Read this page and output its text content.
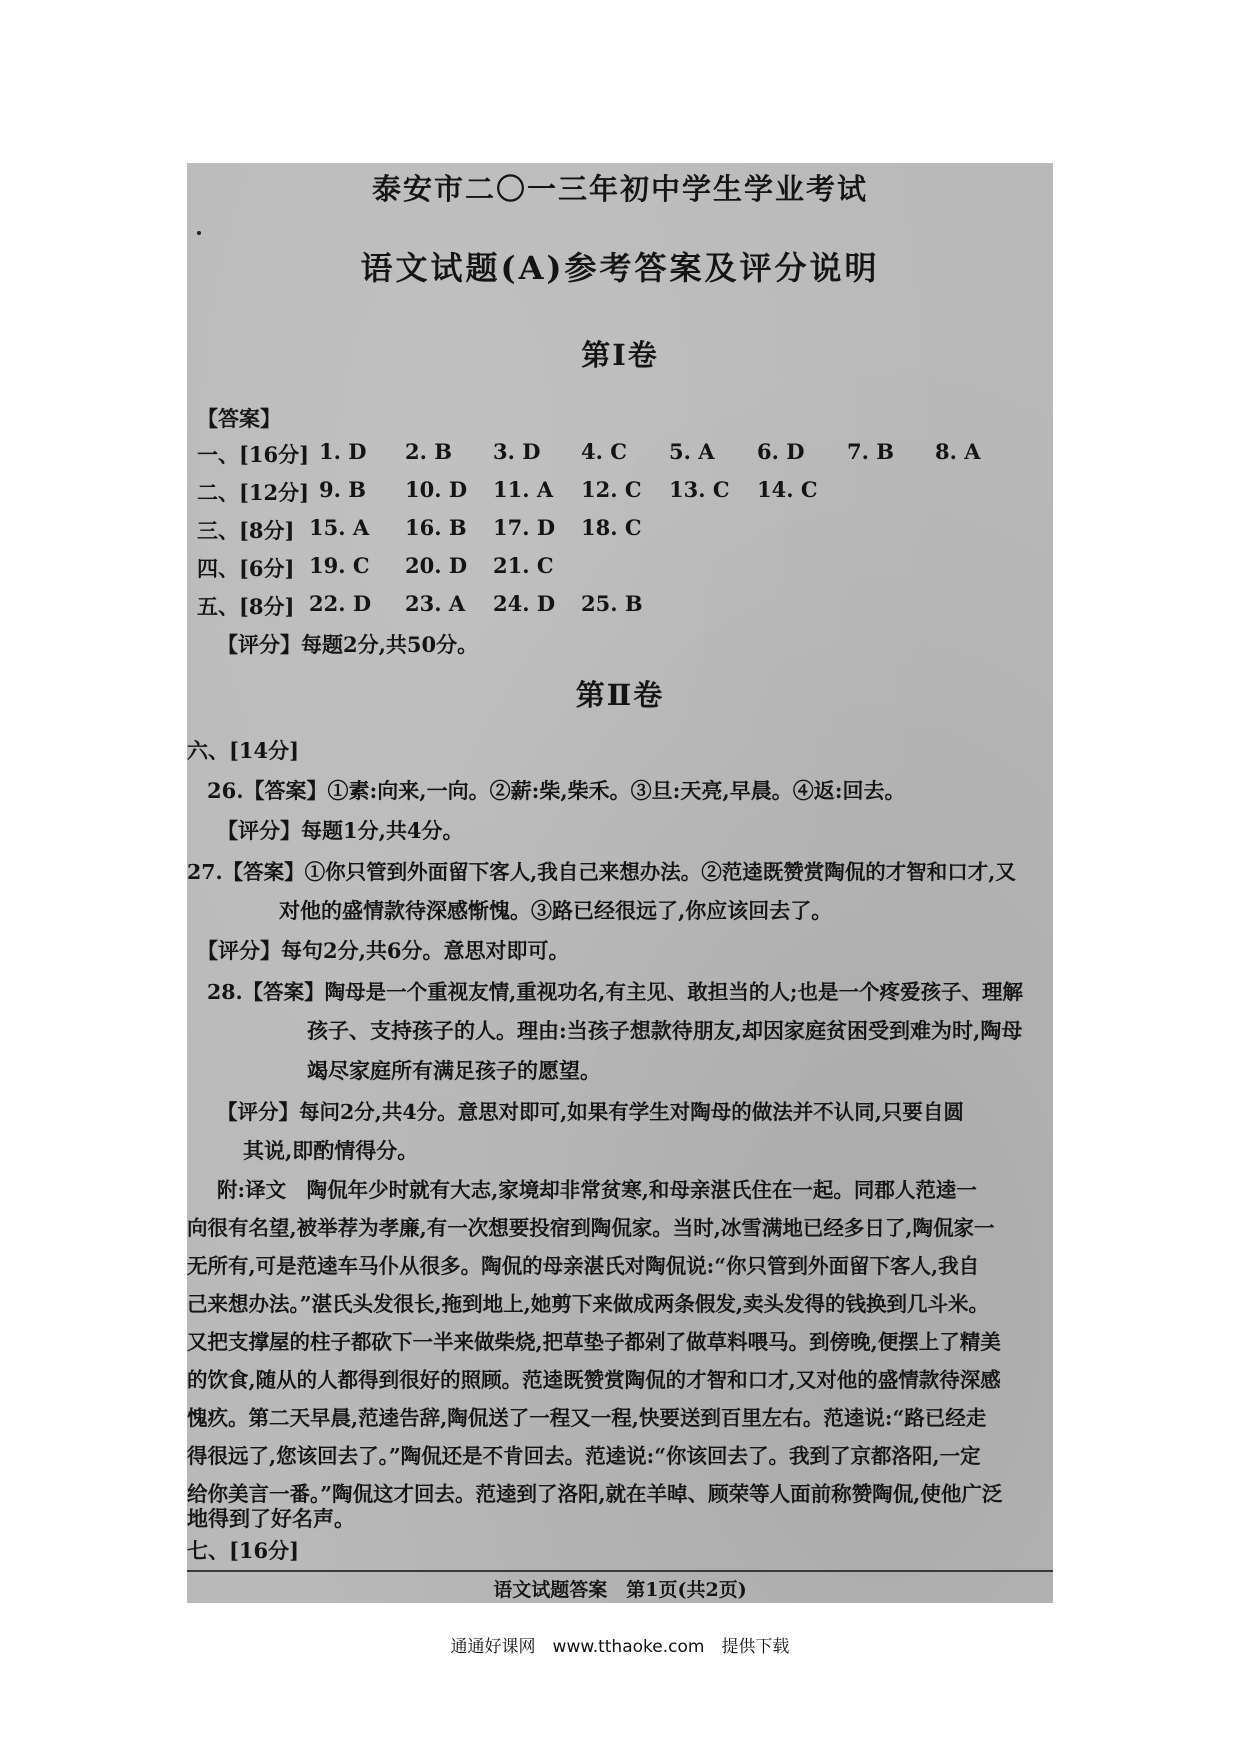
泰安市二〇一三年初中学生学业考试
语文试题(A)参考答案及评分说明
第Ⅰ卷
【答案】
一、[16分] 1. D 2. B 3. D 4. C 5. A 6. D 7. B 8. A
二、[12分] 9. B 10. D 11. A 12. C 13. C 14. C
三、[8分] 15. A 16. B 17. D 18. C
四、[6分] 19. C 20. D 21. C
五、[8分] 22. D 23. A 24. D 25. B
【评分】每题2分,共50分。
第Ⅱ卷
六、[14分]
26.【答案】①素:向来,一向。②薪:柴,柴禾。③旦:天亮,早晨。④返:回去。
【评分】每题1分,共4分。
27.【答案】①你只管到外面留下客人,我自己来想办法。②范逵既赞赏陶侃的才智和口才,又
对他的盛情款待深感惭愧。③路已经很远了,你应该回去了。
【评分】每句2分,共6分。意思对即可。
28.【答案】陶母是一个重视友情,重视功名,有主见、敢担当的人;也是一个疼爱孩子、理解
孩子、支持孩子的人。理由:当孩子想款待朋友,却因家庭贫困受到难为时,陶母
竭尽家庭所有满足孩子的愿望。
【评分】每问2分,共4分。意思对即可,如果有学生对陶母的做法并不认同,只要自圆
其说,即酌情得分。
附:译文　陶侃年少时就有大志,家境却非常贫寒,和母亲湛氏住在一起。同郡人范逵一
向很有名望,被举荐为孝廉,有一次想要投宿到陶侃家。当时,冰雪满地已经多日了,陶侃家一
无所有,可是范逵车马仆从很多。陶侃的母亲湛氏对陶侃说:“你只管到外面留下客人,我自
己来想办法。”湛氏头发很长,拖到地上,她剪下来做成两条假发,卖头发得的钱换到几斗米。
又把支撑屋的柱子都砍下一半来做柴烧,把草垫子都剁了做草料喂马。到傍晚,便摆上了精美
的饮食,随从的人都得到很好的照顾。范逵既赞赏陶侃的才智和口才,又对他的盛情款待深感
愧疚。第二天早晨,范逵告辞,陶侃送了一程又一程,快要送到百里左右。范逵说:“路已经走
得很远了,您该回去了。”陶侃还是不肯回去。范逵说:“你该回去了。我到了京都洛阳,一定
给你美言一番。”陶侃这才回去。范逵到了洛阳,就在羊晫、顾荣等人面前称赞陶侃,使他广泛
地得到了好名声。
语文试题答案　第1页(共2页)
七、[16分]
通通好课网　www.tthaoke.com　提供下载
